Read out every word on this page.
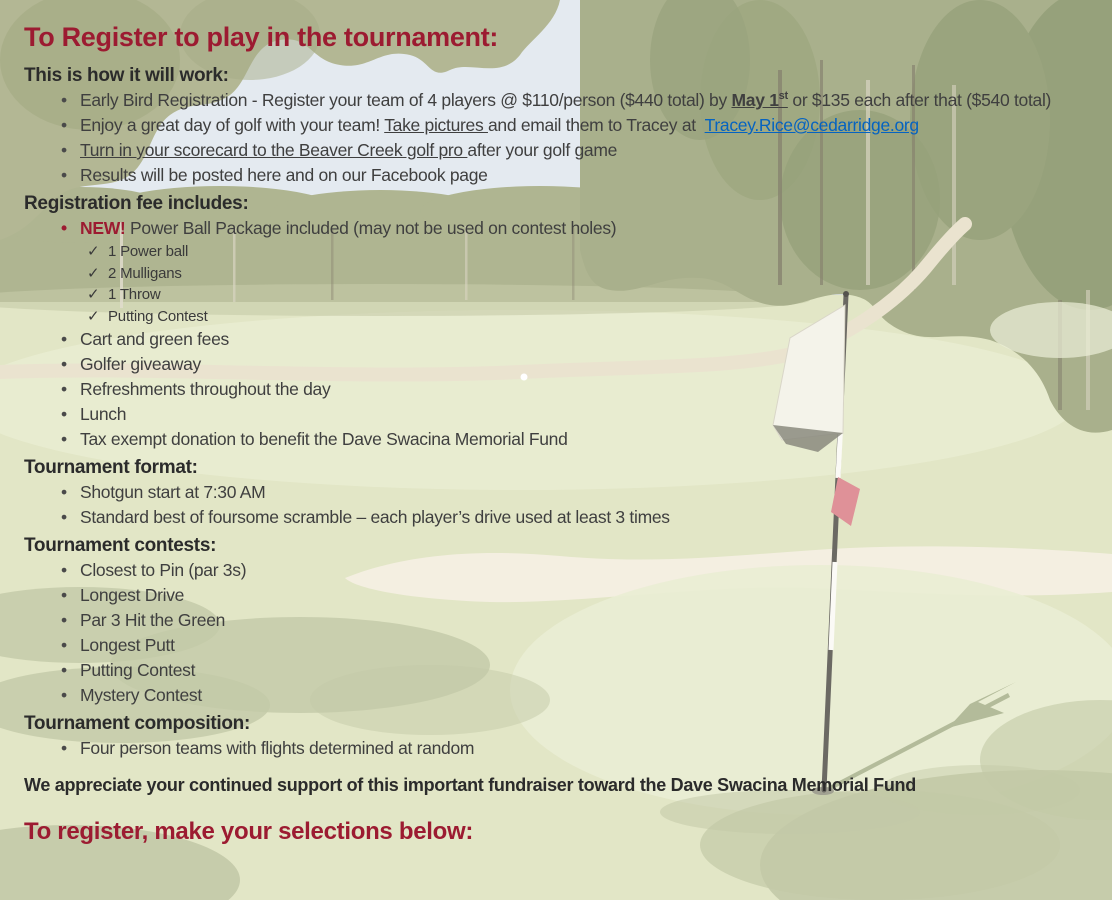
To Register to play in the tournament:
This is how it will work:
• Early Bird Registration - Register your team of 4 players @ $110/person ($440 total) by May 1st or $135 each after that ($540 total)
• Enjoy a great day of golf with your team! Take pictures and email them to Tracey at  Tracey.Rice@cedarridge.org
• Turn in your scorecard to the Beaver Creek golf pro after your golf game
• Results will be posted here and on our Facebook page
Registration fee includes:
• NEW! Power Ball Package included (may not be used on contest holes)
✓ 1 Power ball
✓ 2 Mulligans
✓ 1 Throw
✓ Putting Contest
• Cart and green fees
• Golfer giveaway
• Refreshments throughout the day
• Lunch
• Tax exempt donation to benefit the Dave Swacina Memorial Fund
Tournament format:
• Shotgun start at 7:30 AM
• Standard best of foursome scramble – each player’s drive used at least 3 times
Tournament contests:
• Closest to Pin (par 3s)
• Longest Drive
• Par 3 Hit the Green
• Longest Putt
• Putting Contest
• Mystery Contest
Tournament composition:
• Four person teams with flights determined at random
We appreciate your continued support of this important fundraiser toward the Dave Swacina Memorial Fund
To register, make your selections below:
